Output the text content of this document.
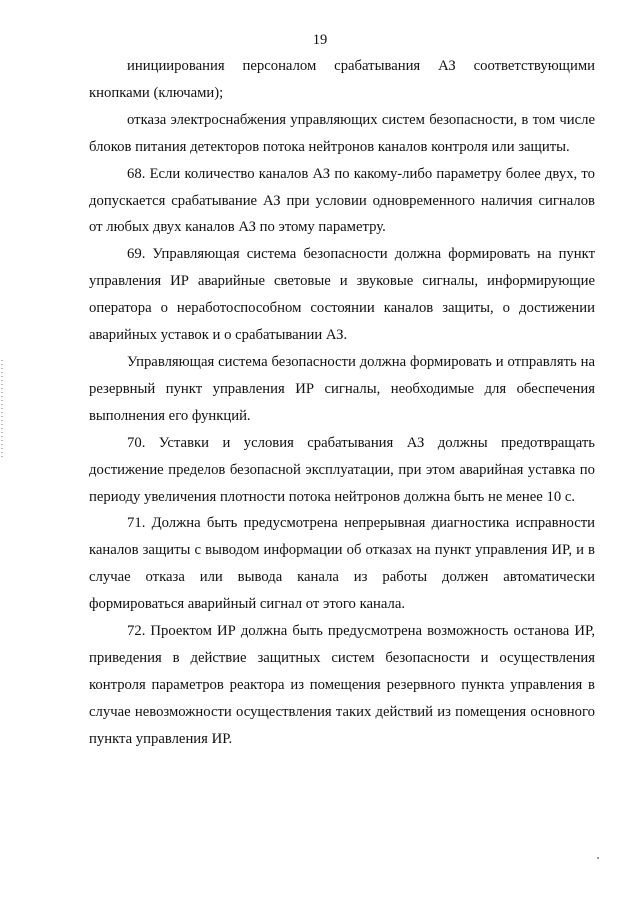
19

инициирования персоналом срабатывания АЗ соответствующими кнопками (ключами);

отказа электроснабжения управляющих систем безопасности, в том числе блоков питания детекторов потока нейтронов каналов контроля или защиты.

68. Если количество каналов АЗ по какому-либо параметру более двух, то допускается срабатывание АЗ при условии одновременного наличия сигналов от любых двух каналов АЗ по этому параметру.

69. Управляющая система безопасности должна формировать на пункт управления ИР аварийные световые и звуковые сигналы, информирующие оператора о неработоспособном состоянии каналов защиты, о достижении аварийных уставок и о срабатывании АЗ.

Управляющая система безопасности должна формировать и отправлять на резервный пункт управления ИР сигналы, необходимые для обеспечения выполнения его функций.

70. Уставки и условия срабатывания АЗ должны предотвращать достижение пределов безопасной эксплуатации, при этом аварийная уставка по периоду увеличения плотности потока нейтронов должна быть не менее 10 с.

71. Должна быть предусмотрена непрерывная диагностика исправности каналов защиты с выводом информации об отказах на пункт управления ИР, и в случае отказа или вывода канала из работы должен автоматически формироваться аварийный сигнал от этого канала.

72. Проектом ИР должна быть предусмотрена возможность останова ИР, приведения в действие защитных систем безопасности и осуществления контроля параметров реактора из помещения резервного пункта управления в случае невозможности осуществления таких действий из помещения основного пункта управления ИР.
